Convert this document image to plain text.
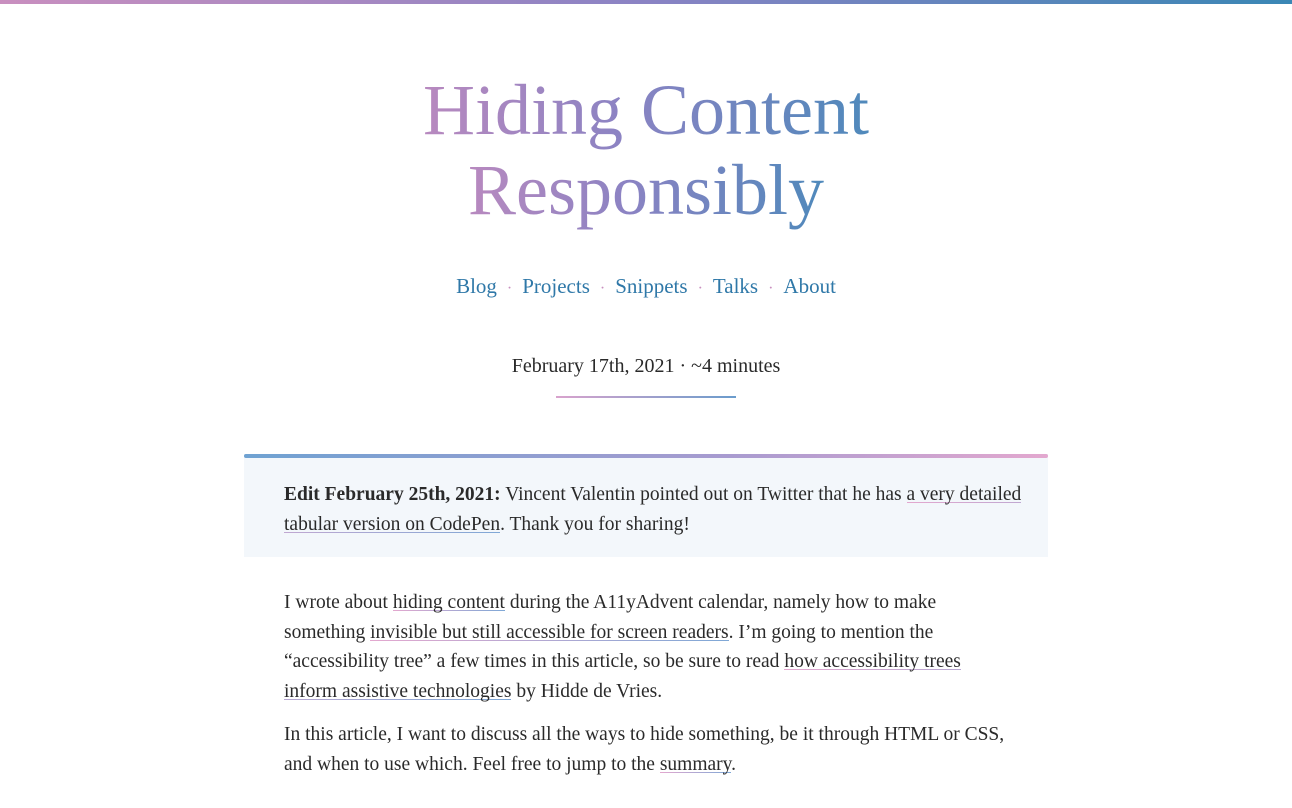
Hiding Content
Responsibly
Blog · Projects · Snippets · Talks · About
February 17th, 2021 · ~4 minutes

Edit February 25th, 2021: Vincent Valentin pointed out on Twitter that he has a very detailed tabular version on CodePen. Thank you for sharing!

I wrote about hiding content during the A11yAdvent calendar, namely how to make something invisible but still accessible for screen readers. I’m going to mention the “accessibility tree” a few times in this article, so be sure to read how accessibility trees inform assistive technologies by Hidde de Vries.

In this article, I want to discuss all the ways to hide something, be it through HTML or CSS, and when to use which. Feel free to jump to the summary.
